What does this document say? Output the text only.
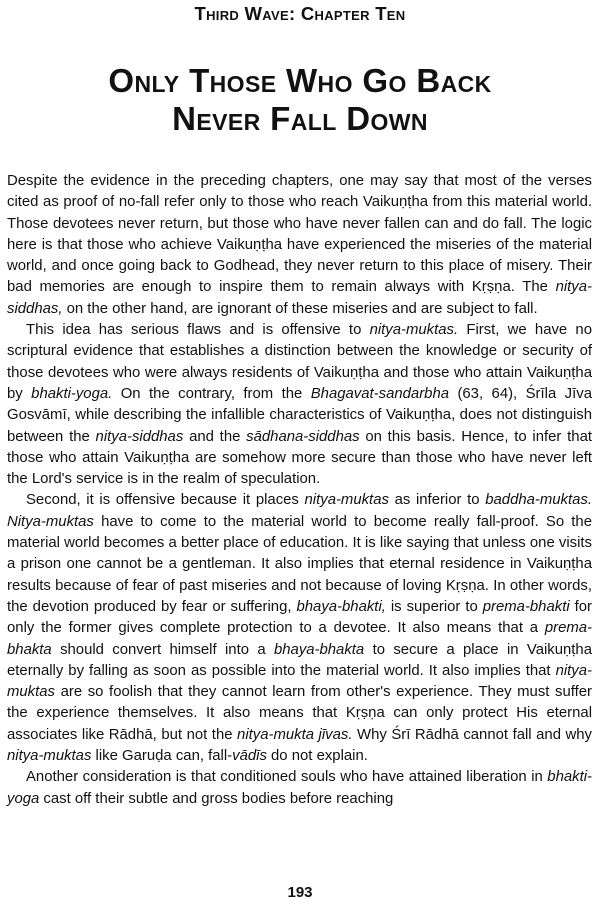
Third Wave: Chapter Ten
Only Those Who Go Back
Never Fall Down

Despite the evidence in the preceding chapters, one may say that most of the verses cited as proof of no-fall refer only to those who reach Vaikuṇṭha from this material world. Those devotees never return, but those who have never fallen can and do fall. The logic here is that those who achieve Vaikuṇṭha have experienced the miseries of the material world, and once going back to Godhead, they never return to this place of misery. Their bad memories are enough to inspire them to remain always with Kṛṣṇa. The nitya-siddhas, on the other hand, are ignorant of these miseries and are subject to fall.

This idea has serious flaws and is offensive to nitya-muktas. First, we have no scriptural evidence that establishes a distinction between the knowledge or security of those devotees who were always residents of Vaikuṇṭha and those who attain Vaikuṇṭha by bhakti-yoga. On the contrary, from the Bhagavat-sandarbha (63, 64), Śrīla Jīva Gosvāmī, while describing the infallible characteristics of Vaikuṇṭha, does not distinguish between the nitya-siddhas and the sādhana-siddhas on this basis. Hence, to infer that those who attain Vaikuṇṭha are somehow more secure than those who have never left the Lord's service is in the realm of speculation.

Second, it is offensive because it places nitya-muktas as inferior to baddha-muktas. Nitya-muktas have to come to the material world to become really fall-proof. So the material world becomes a better place of education. It is like saying that unless one visits a prison one cannot be a gentleman. It also implies that eternal residence in Vaikuṇṭha results because of fear of past miseries and not because of loving Kṛṣṇa. In other words, the devotion produced by fear or suffering, bhaya-bhakti, is superior to prema-bhakti for only the former gives complete protection to a devotee. It also means that a prema-bhakta should convert himself into a bhaya-bhakta to secure a place in Vaikuṇṭha eternally by falling as soon as possible into the material world. It also implies that nitya-muktas are so foolish that they cannot learn from other's experience. They must suffer the experience themselves. It also means that Kṛṣṇa can only protect His eternal associates like Rādhā, but not the nitya-mukta jīvas. Why Śrī Rādhā cannot fall and why nitya-muktas like Garuḍa can, fall-vādīs do not explain.

Another consideration is that conditioned souls who have attained liberation in bhakti-yoga cast off their subtle and gross bodies before reaching

193
